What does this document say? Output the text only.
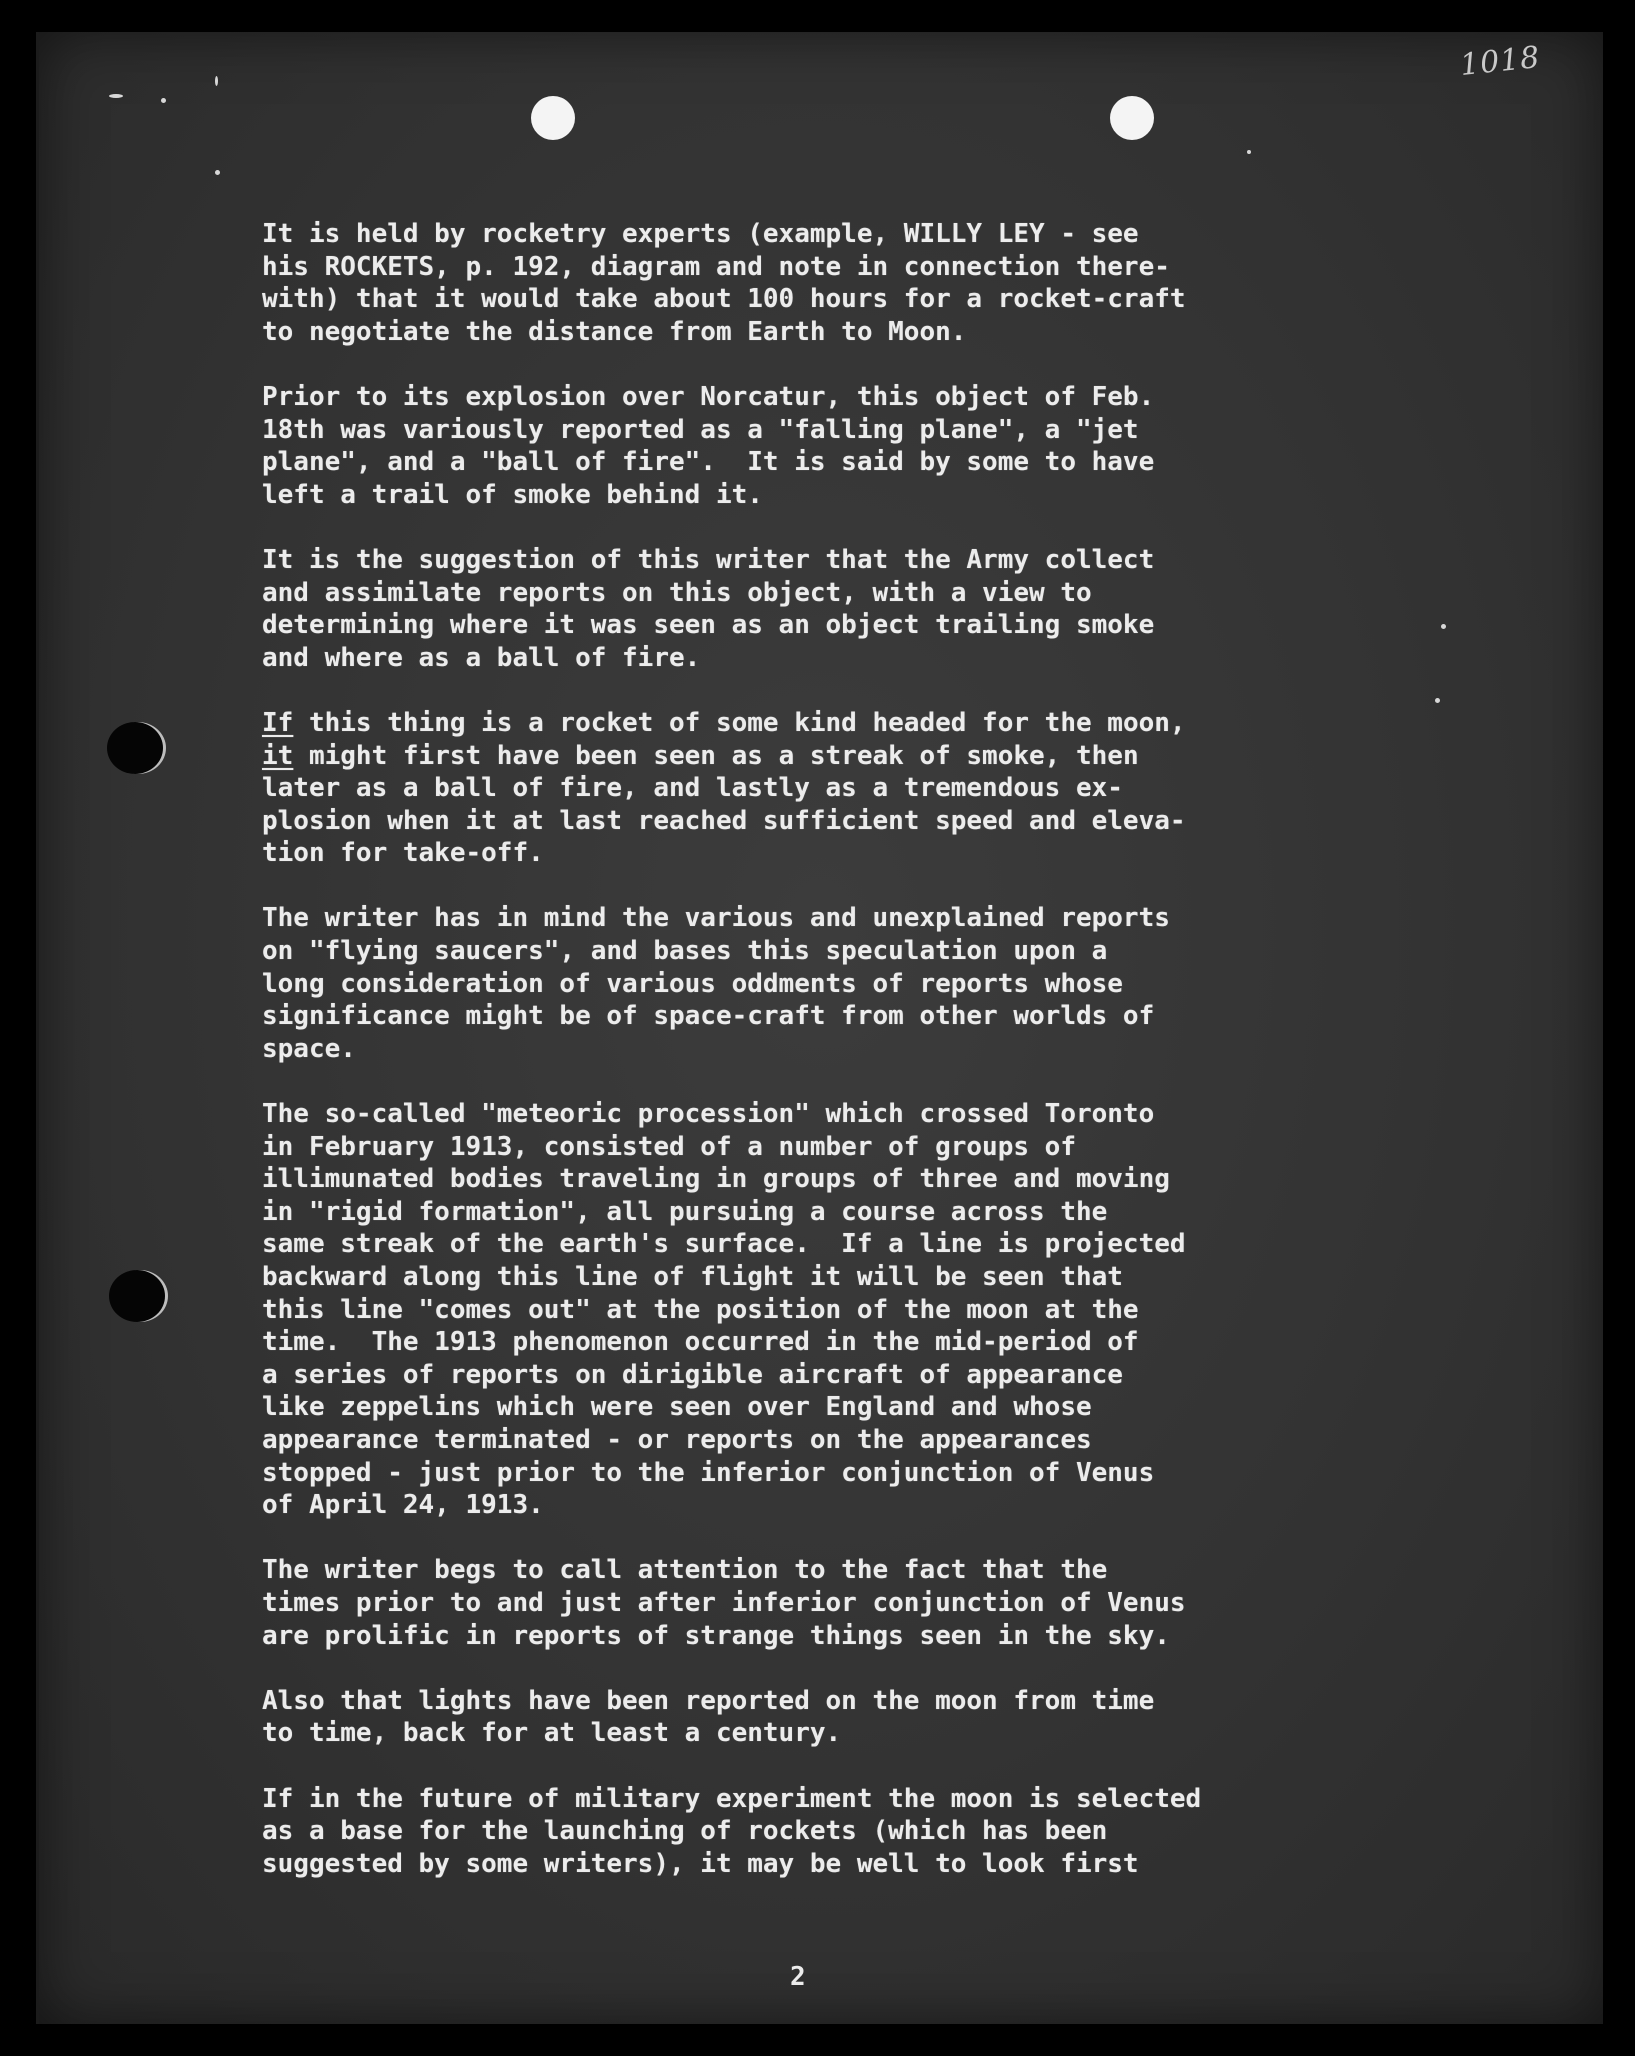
1018
It is held by rocketry experts (example, WILLY LEY - see
his ROCKETS, p. 192, diagram and note in connection there-
with) that it would take about 100 hours for a rocket-craft
to negotiate the distance from Earth to Moon.
Prior to its explosion over Norcatur, this object of Feb.
18th was variously reported as a "falling plane", a "jet
plane", and a "ball of fire".  It is said by some to have
left a trail of smoke behind it.
It is the suggestion of this writer that the Army collect
and assimilate reports on this object, with a view to
determining where it was seen as an object trailing smoke
and where as a ball of fire.
If this thing is a rocket of some kind headed for the moon,
it might first have been seen as a streak of smoke, then
later as a ball of fire, and lastly as a tremendous ex-
plosion when it at last reached sufficient speed and eleva-
tion for take-off.
The writer has in mind the various and unexplained reports
on "flying saucers", and bases this speculation upon a
long consideration of various oddments of reports whose
significance might be of space-craft from other worlds of
space.
The so-called "meteoric procession" which crossed Toronto
in February 1913, consisted of a number of groups of
illimunated bodies traveling in groups of three and moving
in "rigid formation", all pursuing a course across the
same streak of the earth's surface.  If a line is projected
backward along this line of flight it will be seen that
this line "comes out" at the position of the moon at the
time.  The 1913 phenomenon occurred in the mid-period of
a series of reports on dirigible aircraft of appearance
like zeppelins which were seen over England and whose
appearance terminated - or reports on the appearances
stopped - just prior to the inferior conjunction of Venus
of April 24, 1913.
The writer begs to call attention to the fact that the
times prior to and just after inferior conjunction of Venus
are prolific in reports of strange things seen in the sky.
Also that lights have been reported on the moon from time
to time, back for at least a century.
If in the future of military experiment the moon is selected
as a base for the launching of rockets (which has been
suggested by some writers), it may be well to look first
2
